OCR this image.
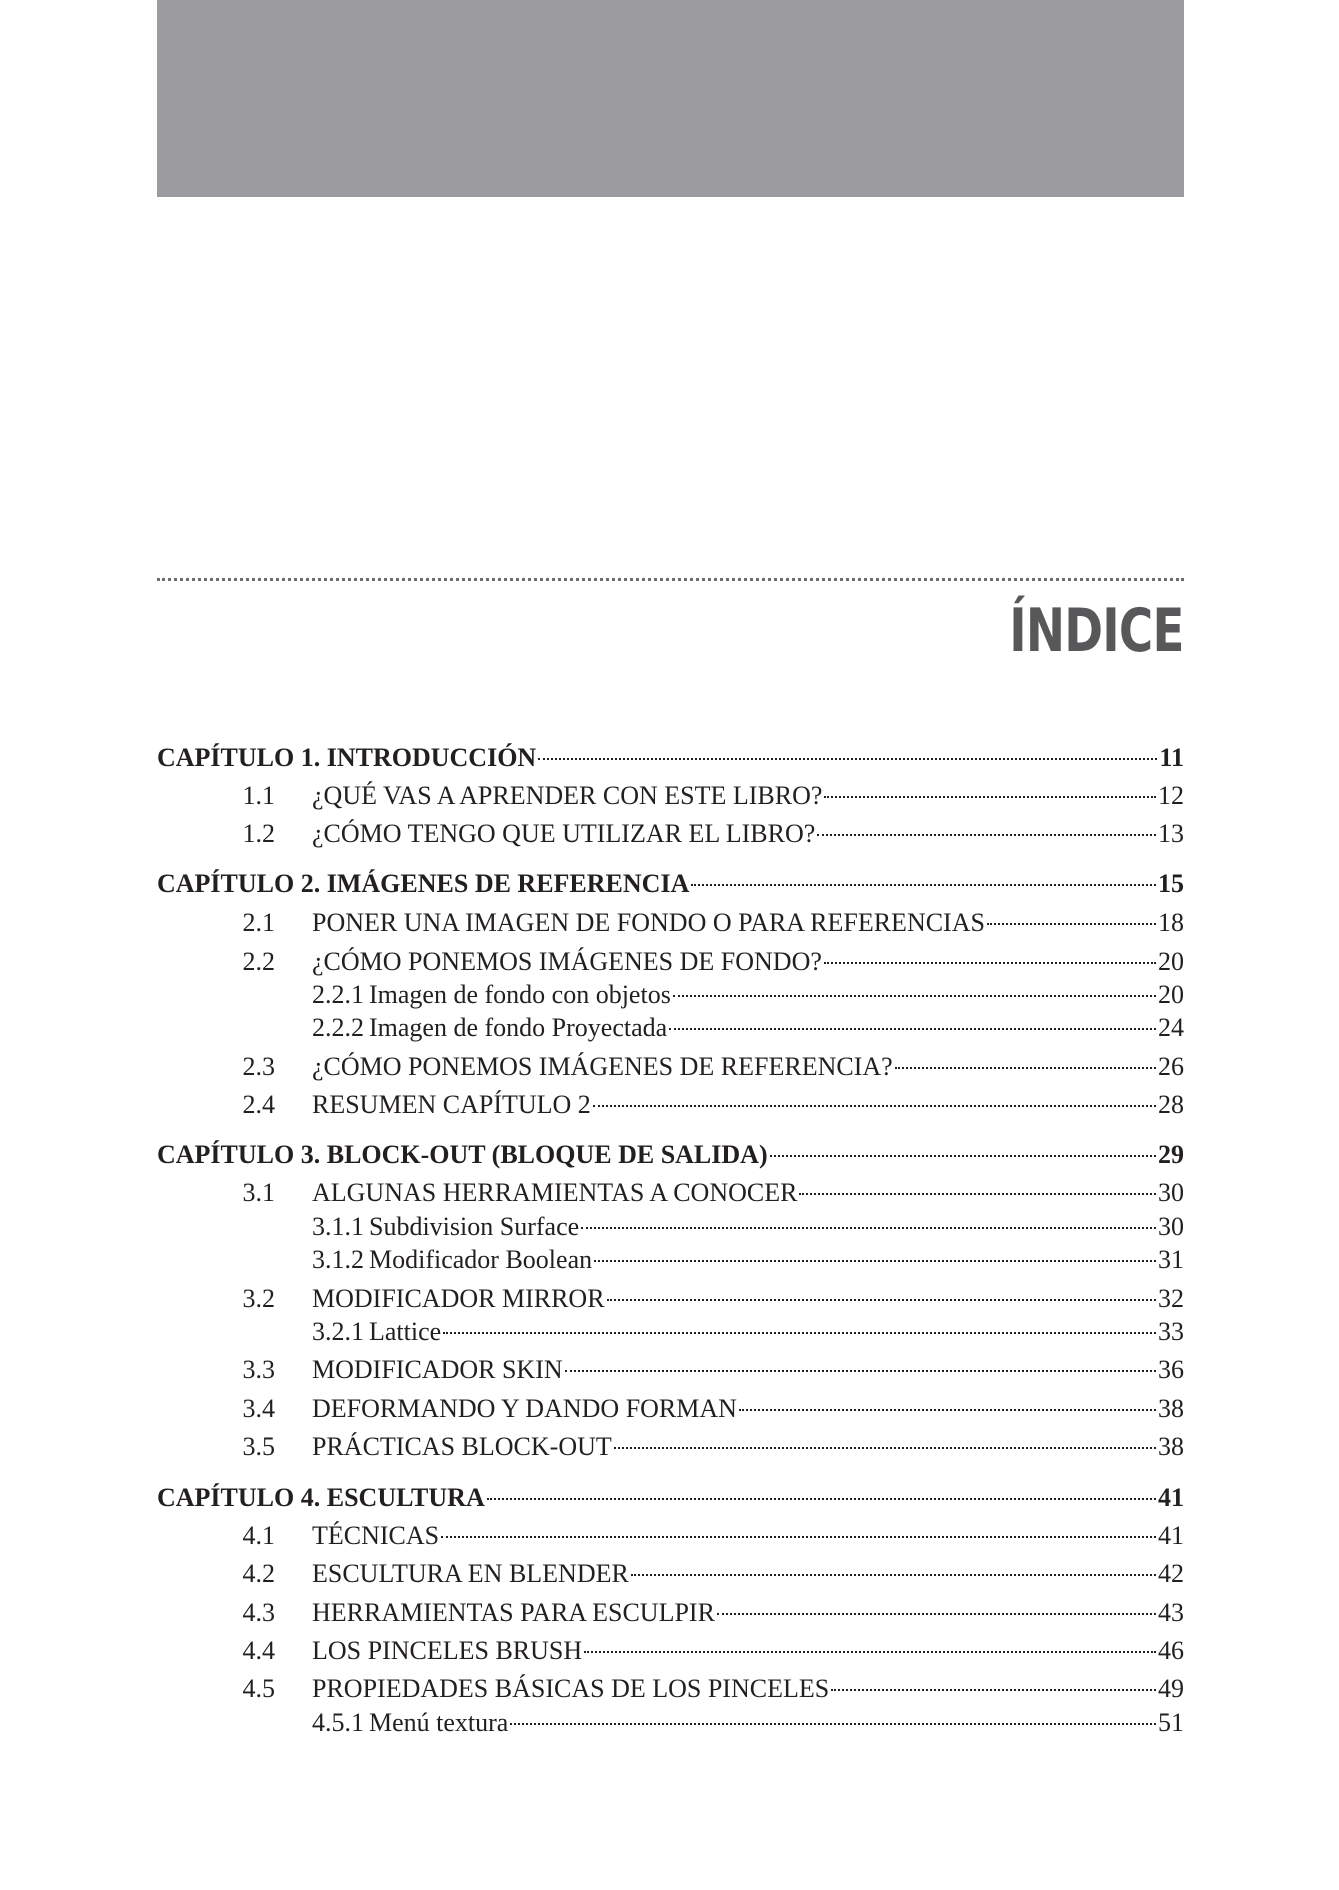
ÍNDICE
CAPÍTULO 1. INTRODUCCIÓN	11
1.1 ¿QUÉ VAS A APRENDER CON ESTE LIBRO?	12
1.2 ¿CÓMO TENGO QUE UTILIZAR EL LIBRO?	13
CAPÍTULO 2. IMÁGENES DE REFERENCIA	15
2.1 PONER UNA IMAGEN DE FONDO O PARA REFERENCIAS	18
2.2 ¿CÓMO PONEMOS IMÁGENES DE FONDO?	20
2.2.1 Imagen de fondo con objetos	20
2.2.2 Imagen de fondo Proyectada	24
2.3 ¿CÓMO PONEMOS IMÁGENES DE REFERENCIA?	26
2.4 RESUMEN CAPÍTULO 2	28
CAPÍTULO 3. BLOCK-OUT (BLOQUE DE SALIDA)	29
3.1 ALGUNAS HERRAMIENTAS A CONOCER	30
3.1.1 Subdivision Surface	30
3.1.2 Modificador Boolean	31
3.2 MODIFICADOR MIRROR	32
3.2.1 Lattice	33
3.3 MODIFICADOR SKIN	36
3.4 DEFORMANDO Y DANDO FORMAN	38
3.5 PRÁCTICAS BLOCK-OUT	38
CAPÍTULO 4. ESCULTURA	41
4.1 TÉCNICAS	41
4.2 ESCULTURA EN BLENDER	42
4.3 HERRAMIENTAS PARA ESCULPIR	43
4.4 LOS PINCELES BRUSH	46
4.5 PROPIEDADES BÁSICAS DE LOS PINCELES	49
4.5.1 Menú textura	51
